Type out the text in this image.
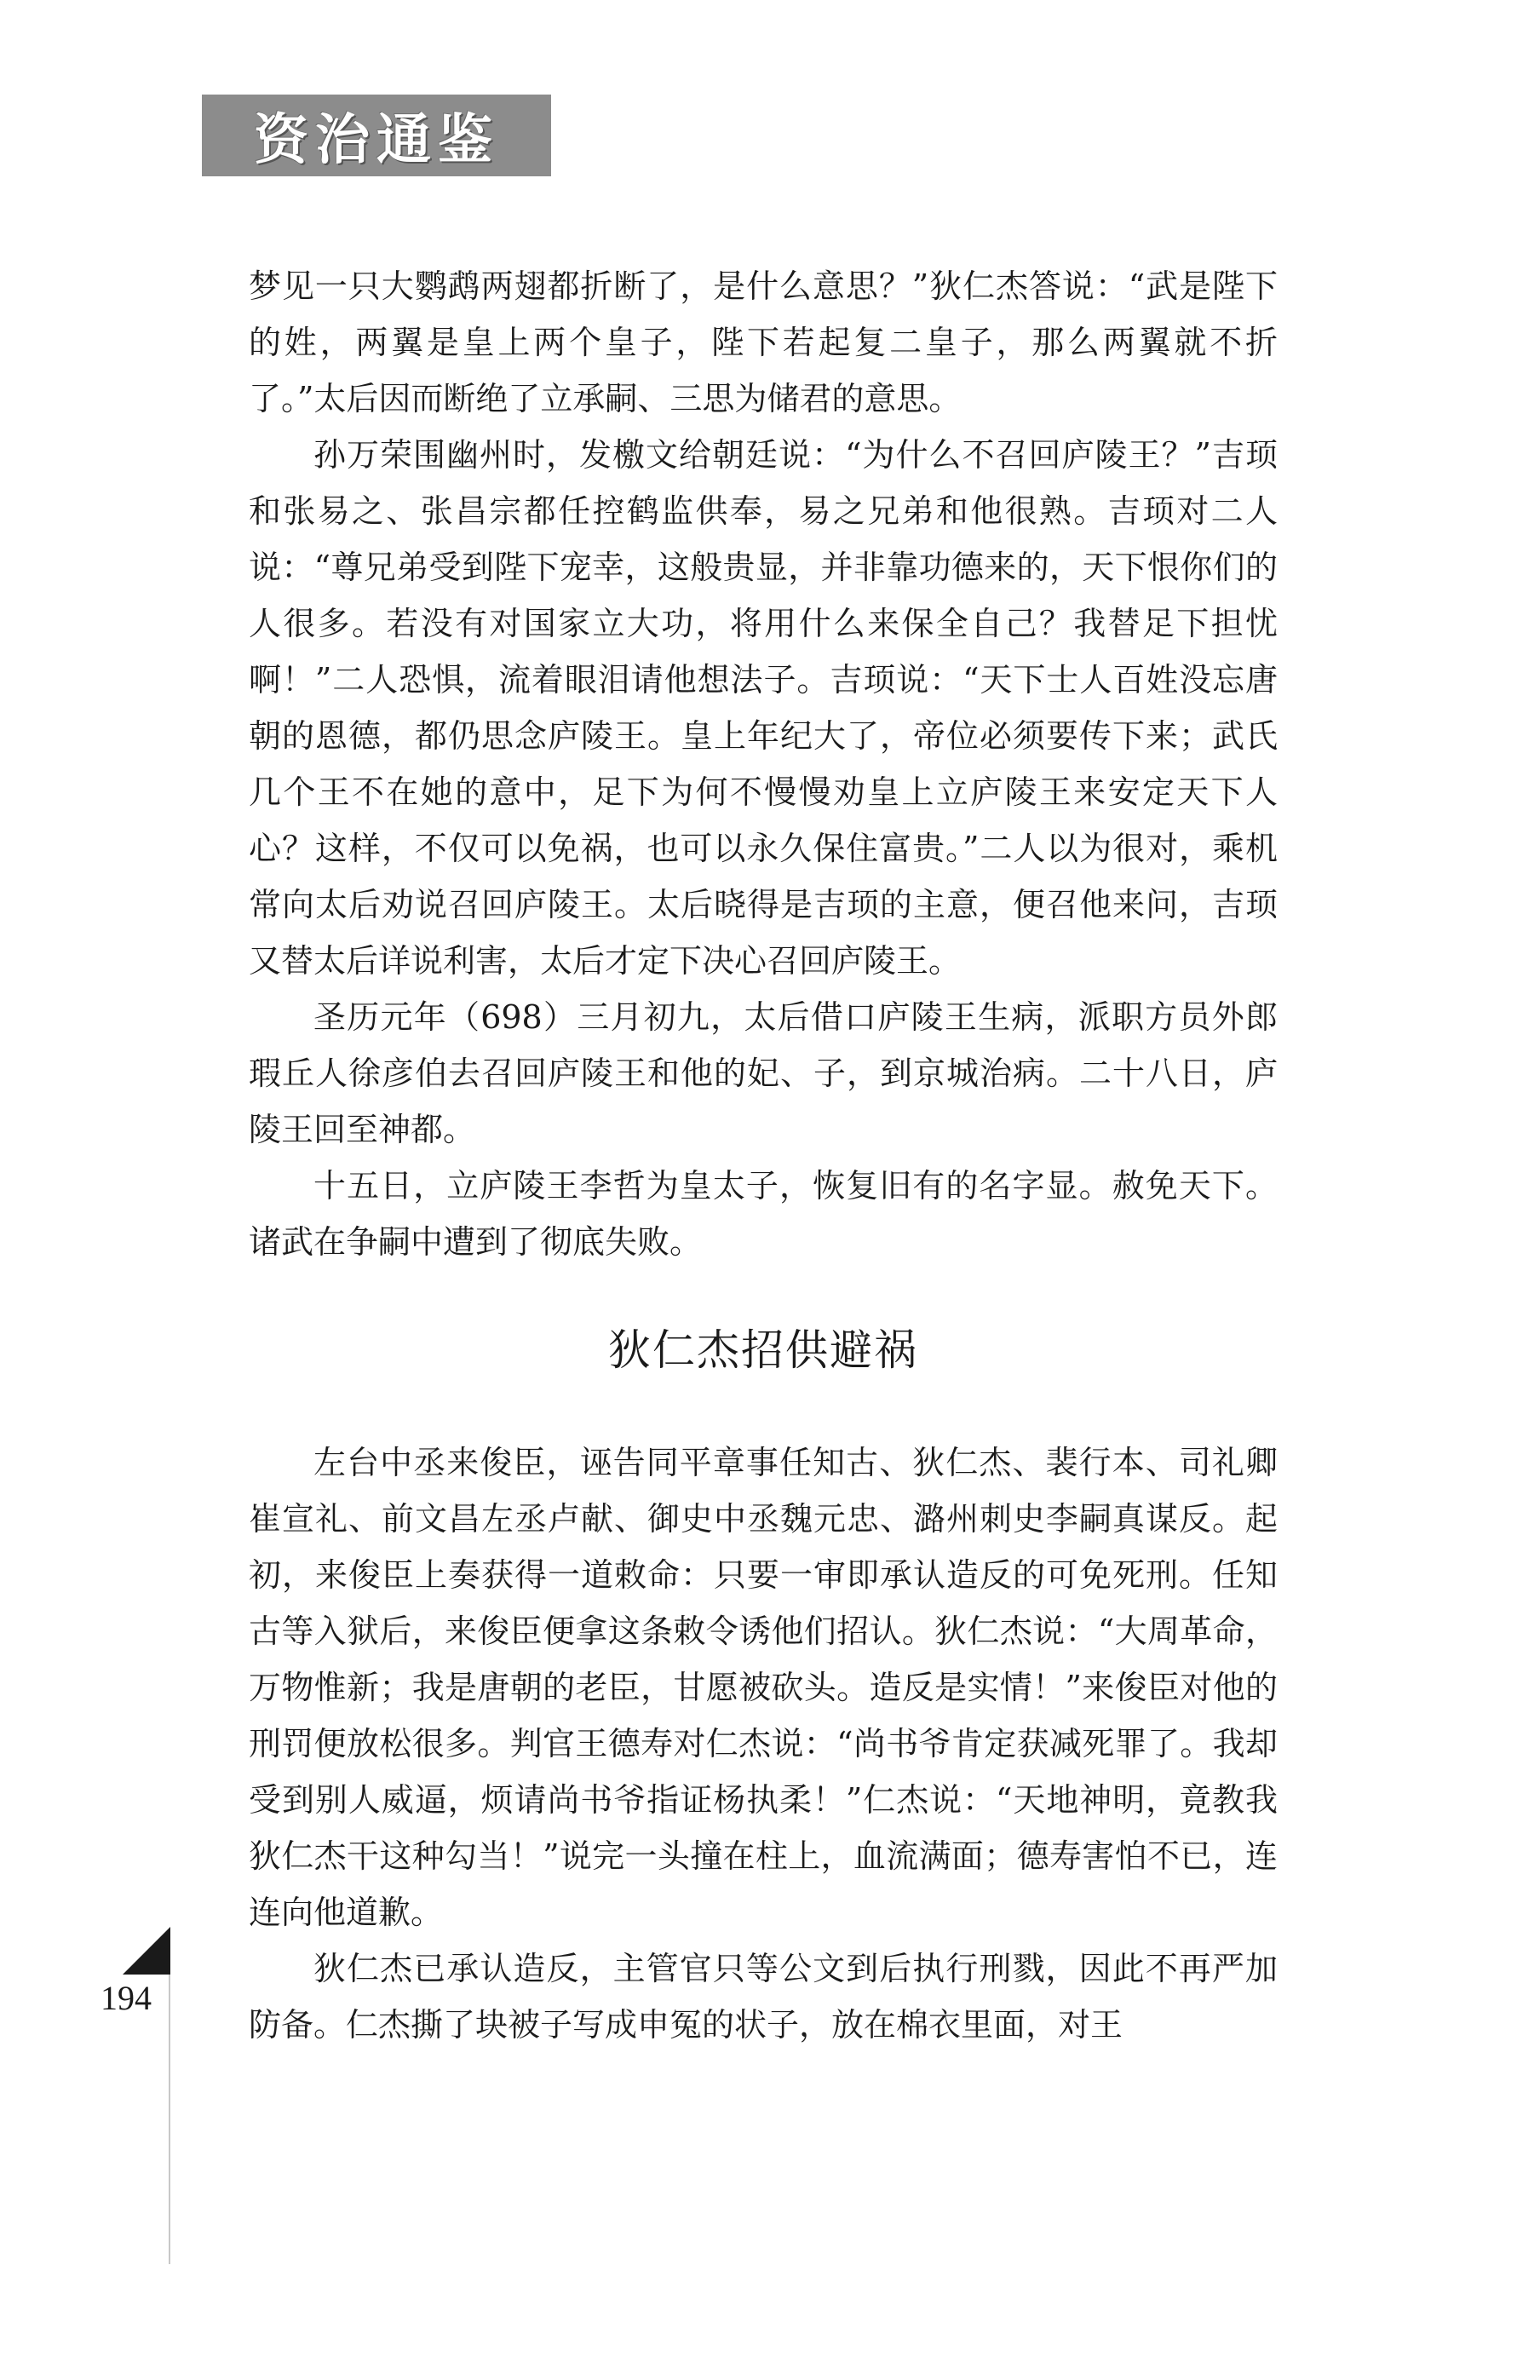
资治通鉴

梦见一只大鹦鹉两翅都折断了，是什么意思？”狄仁杰答说：“武是陛下的姓，两翼是皇上两个皇子，陛下若起复二皇子，那么两翼就不折了。”太后因而断绝了立承嗣、三思为储君的意思。

孙万荣围幽州时，发檄文给朝廷说：“为什么不召回庐陵王？”吉顼和张易之、张昌宗都任控鹤监供奉，易之兄弟和他很熟。吉顼对二人说：“尊兄弟受到陛下宠幸，这般贵显，并非靠功德来的，天下恨你们的人很多。若没有对国家立大功，将用什么来保全自己？我替足下担忧啊！”二人恐惧，流着眼泪请他想法子。吉顼说：“天下士人百姓没忘唐朝的恩德，都仍思念庐陵王。皇上年纪大了，帝位必须要传下来；武氏几个王不在她的意中，足下为何不慢慢劝皇上立庐陵王来安定天下人心？这样，不仅可以免祸，也可以永久保住富贵。”二人以为很对，乘机常向太后劝说召回庐陵王。太后晓得是吉顼的主意，便召他来问，吉顼又替太后详说利害，太后才定下决心召回庐陵王。

圣历元年（698）三月初九，太后借口庐陵王生病，派职方员外郎瑕丘人徐彦伯去召回庐陵王和他的妃、子，到京城治病。二十八日，庐陵王回至神都。

十五日，立庐陵王李哲为皇太子，恢复旧有的名字显。赦免天下。诸武在争嗣中遭到了彻底失败。

狄仁杰招供避祸

左台中丞来俊臣，诬告同平章事任知古、狄仁杰、裴行本、司礼卿崔宣礼、前文昌左丞卢献、御史中丞魏元忠、潞州刺史李嗣真谋反。起初，来俊臣上奏获得一道敕命：只要一审即承认造反的可免死刑。任知古等入狱后，来俊臣便拿这条敕令诱他们招认。狄仁杰说：“大周革命，万物惟新；我是唐朝的老臣，甘愿被砍头。造反是实情！”来俊臣对他的刑罚便放松很多。判官王德寿对仁杰说：“尚书爷肯定获减死罪了。我却受到别人威逼，烦请尚书爷指证杨执柔！”仁杰说：“天地神明，竟教我狄仁杰干这种勾当！”说完一头撞在柱上，血流满面；德寿害怕不已，连连向他道歉。

狄仁杰已承认造反，主管官只等公文到后执行刑戮，因此不再严加防备。仁杰撕了块被子写成申冤的状子，放在棉衣里面，对王

194
